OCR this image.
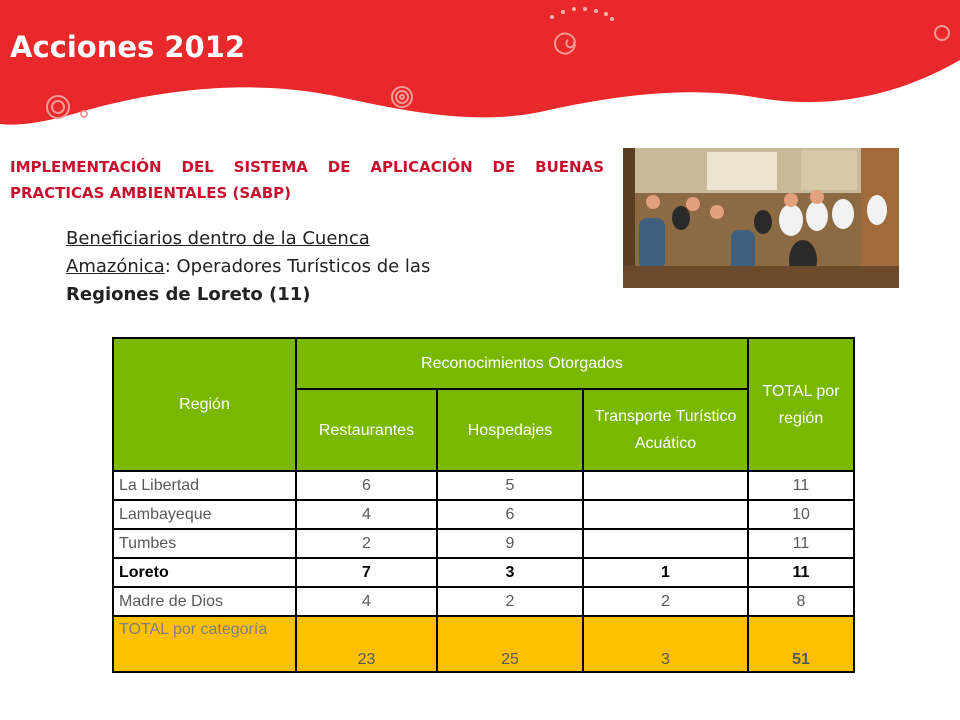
Acciones 2012

IMPLEMENTACIÓN DEL SISTEMA DE APLICACIÓN DE BUENAS PRACTICAS AMBIENTALES (SABP)

Beneficiarios dentro de la Cuenca
Amazónica: Operadores Turísticos de las
Regiones de Loreto (11)
Región	Reconocimientos Otorgados			TOTAL por región
	Restaurantes	Hospedajes	Transporte Turístico Acuático	
La Libertad	6	5		11
Lambayeque	4	6		10
Tumbes	2	9		11
Loreto	7	3	1	11
Madre de Dios	4	2	2	8
TOTAL por categoría	23	25	3	51
